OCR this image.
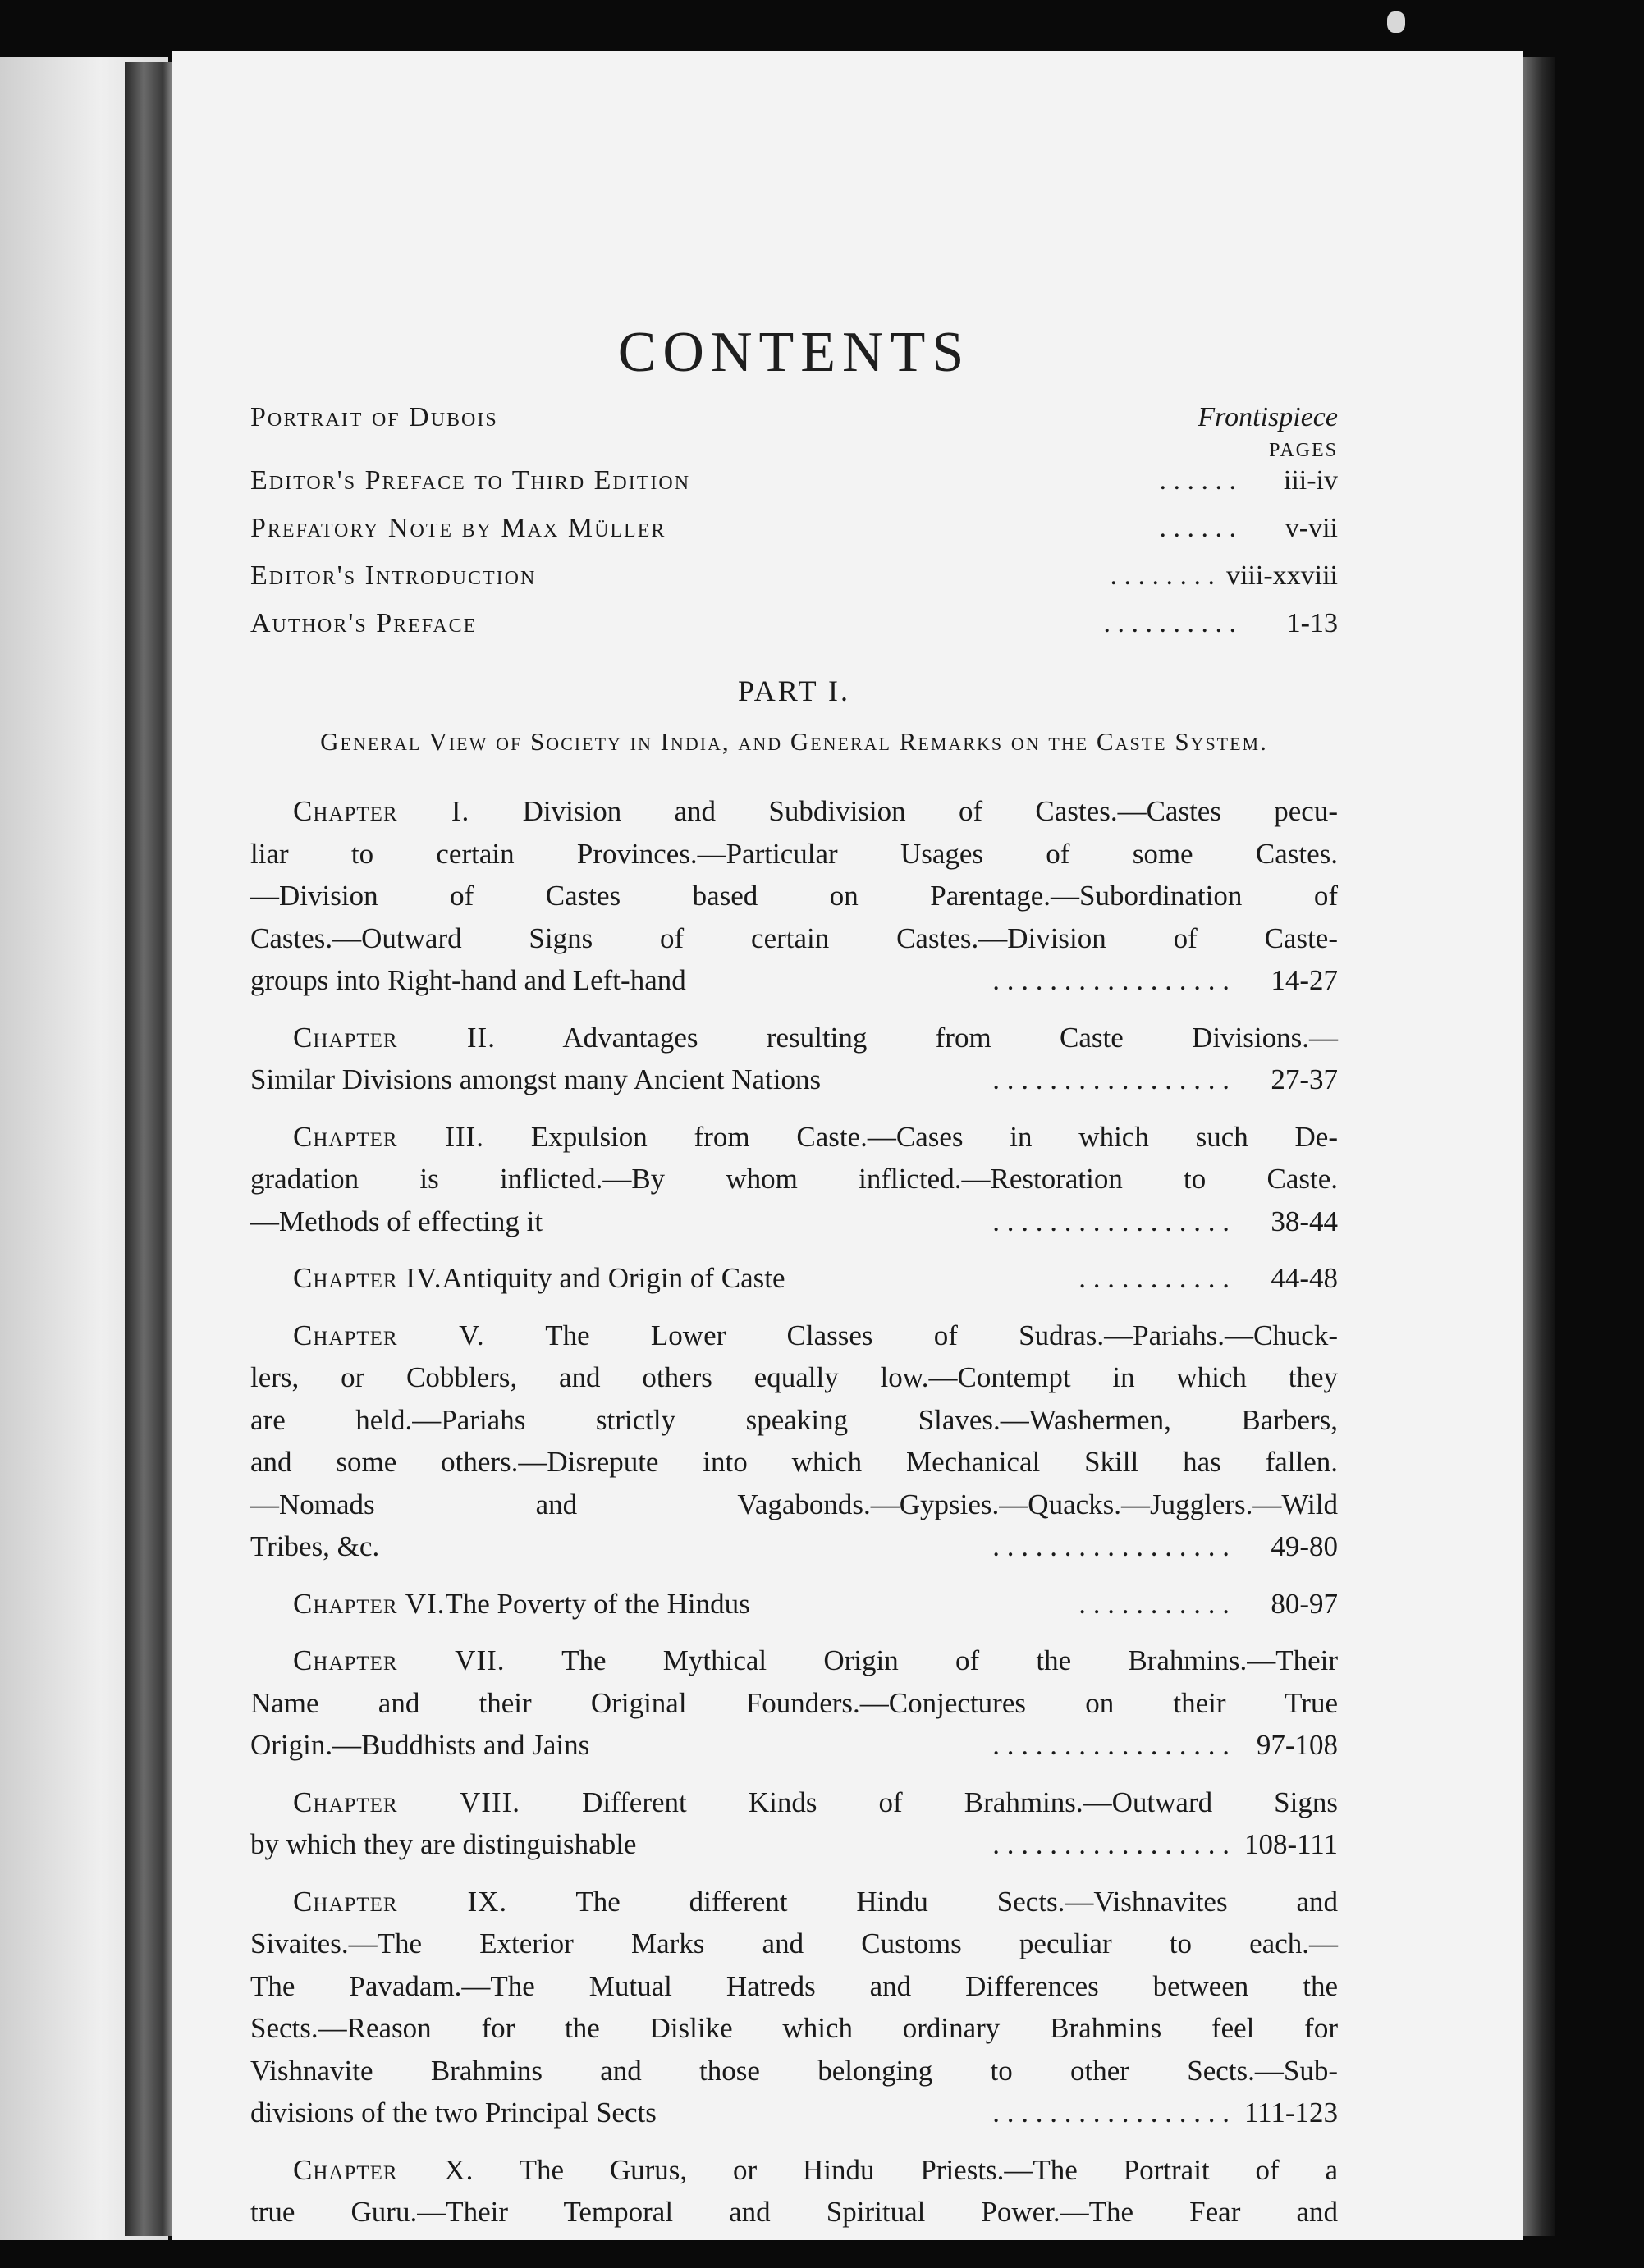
CONTENTS
Portrait of Dubois	Frontispiece
PAGES
Editor's Preface to Third Edition	. . . . . .	iii-iv
Prefatory Note by Max Müller	. . . . . .	v-vii
Editor's Introduction	. . . . . . . . viii-xxviii
Author's Preface	. . . . . . . . . .	1-13
PART I.
General View of Society in India, and General Remarks on the Caste System.
Chapter I. Division and Subdivision of Castes.—Castes pecu-
liar to certain Provinces.—Particular Usages of some Castes.
—Division of Castes based on Parentage.—Subordination of
Castes.—Outward Signs of certain Castes.—Division of Caste-
groups into Right-hand and Left-hand	. . . . . . . . . . . . . . . . .	14-27
Chapter II. Advantages resulting from Caste Divisions.—
Similar Divisions amongst many Ancient Nations	. . . . . . . . . . . . . . . . .	27-37
Chapter III. Expulsion from Caste.—Cases in which such De-
gradation is inflicted.—By whom inflicted.—Restoration to Caste.
—Methods of effecting it	. . . . . . . . . . . . . . . . .	38-44
Chapter IV. Antiquity and Origin of Caste	. . . . . . . . . . .	44-48
Chapter V. The Lower Classes of Sudras.—Pariahs.—Chuck-
lers, or Cobblers, and others equally low.—Contempt in which they
are held.—Pariahs strictly speaking Slaves.—Washermen, Barbers,
and some others.—Disrepute into which Mechanical Skill has fallen.
—Nomads and Vagabonds.—Gypsies.—Quacks.—Jugglers.—Wild
Tribes, &c.	. . . . . . . . . . . . . . . . .	49-80
Chapter VI. The Poverty of the Hindus	. . . . . . . . . . .	80-97
Chapter VII. The Mythical Origin of the Brahmins.—Their
Name and their Original Founders.—Conjectures on their True
Origin.—Buddhists and Jains	. . . . . . . . . . . . . . . . . 97-108
Chapter VIII. Different Kinds of Brahmins.—Outward Signs
by which they are distinguishable	. . . . . . . . . . . . . . . . . 108-111
Chapter IX. The different Hindu Sects.—Vishnavites and
Sivaites.—The Exterior Marks and Customs peculiar to each.—
The Pavadam.—The Mutual Hatreds and Differences between the
Sects.—Reason for the Dislike which ordinary Brahmins feel for
Vishnavite Brahmins and those belonging to other Sects.—Sub-
divisions of the two Principal Sects	. . . . . . . . . . . . . . . . . 111-123
Chapter X. The Gurus, or Hindu Priests.—The Portrait of a
true Guru.—Their Temporal and Spiritual Power.—The Fear and
